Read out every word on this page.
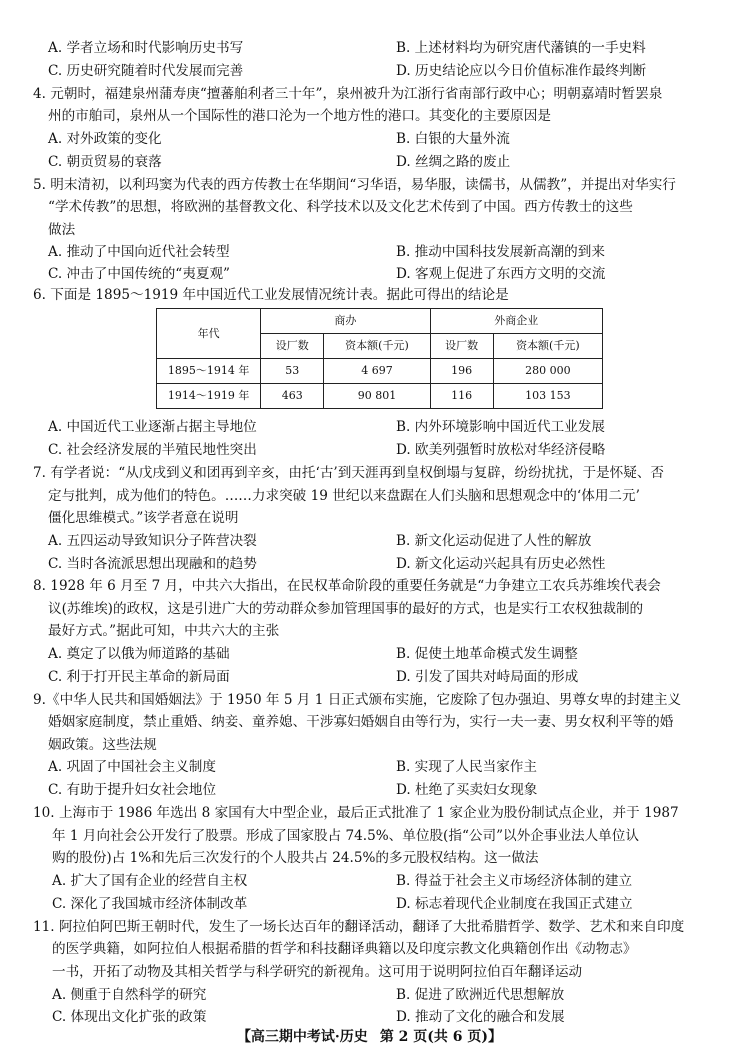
A. 学者立场和时代影响历史书写	B. 上述材料均为研究唐代藩镇的一手史料
C. 历史研究随着时代发展而完善	D. 历史结论应以今日价值标准作最终判断
4. 元朝时，福建泉州蒲寿庚“擅蕃舶利者三十年”，泉州被升为江浙行省南部行政中心；明朝嘉靖时暂罢泉
州的市舶司，泉州从一个国际性的港口沦为一个地方性的港口。其变化的主要原因是
A. 对外政策的变化	B. 白银的大量外流
C. 朝贡贸易的衰落	D. 丝绸之路的废止
5. 明末清初，以利玛窦为代表的西方传教士在华期间“习华语，易华服，读儒书，从儒教”，并提出对华实行
“学术传教”的思想，将欧洲的基督教文化、科学技术以及文化艺术传到了中国。西方传教士的这些
做法
A. 推动了中国向近代社会转型	B. 推动中国科技发展新高潮的到来
C. 冲击了中国传统的“夷夏观”	D. 客观上促进了东西方文明的交流
6. 下面是 1895～1919 年中国近代工业发展情况统计表。据此可得出的结论是
年代	商办		外商企业	
	设厂数	资本额(千元)	设厂数	资本额(千元)
1895～1914 年	53	4 697	196	280 000
1914～1919 年	463	90 801	116	103 153
A. 中国近代工业逐渐占据主导地位	B. 内外环境影响中国近代工业发展
C. 社会经济发展的半殖民地性突出	D. 欧美列强暂时放松对华经济侵略
7. 有学者说：“从戊戌到义和团再到辛亥，由托‘古’到天涯再到皇权倒塌与复辟，纷纷扰扰，于是怀疑、否
定与批判，成为他们的特色。……力求突破 19 世纪以来盘踞在人们头脑和思想观念中的‘体用二元’
僵化思维模式。”该学者意在说明
A. 五四运动导致知识分子阵营决裂	B. 新文化运动促进了人性的解放
C. 当时各流派思想出现融和的趋势	D. 新文化运动兴起具有历史必然性
8. 1928 年 6 月至 7 月，中共六大指出，在民权革命阶段的重要任务就是“力争建立工农兵苏维埃代表会
议(苏维埃)的政权，这是引进广大的劳动群众参加管理国事的最好的方式，也是实行工农权独裁制的
最好方式。”据此可知，中共六大的主张
A. 奠定了以俄为师道路的基础	B. 促使土地革命模式发生调整
C. 利于打开民主革命的新局面	D. 引发了国共对峙局面的形成
9.《中华人民共和国婚姻法》于 1950 年 5 月 1 日正式颁布实施，它废除了包办强迫、男尊女卑的封建主义
婚姻家庭制度，禁止重婚、纳妾、童养媳、干涉寡妇婚姻自由等行为，实行一夫一妻、男女权利平等的婚
姻政策。这些法规
A. 巩固了中国社会主义制度	B. 实现了人民当家作主
C. 有助于提升妇女社会地位	D. 杜绝了买卖妇女现象
10. 上海市于 1986 年选出 8 家国有大中型企业，最后正式批准了 1 家企业为股份制试点企业，并于 1987
年 1 月向社会公开发行了股票。形成了国家股占 74.5%、单位股(指“公司”以外企事业法人单位认
购的股份)占 1%和先后三次发行的个人股共占 24.5%的多元股权结构。这一做法
A. 扩大了国有企业的经营自主权	B. 得益于社会主义市场经济体制的建立
C. 深化了我国城市经济体制改革	D. 标志着现代企业制度在我国正式建立
11. 阿拉伯阿巴斯王朝时代，发生了一场长达百年的翻译活动，翻译了大批希腊哲学、数学、艺术和来自印度
的医学典籍，如阿拉伯人根据希腊的哲学和科技翻译典籍以及印度宗教文化典籍创作出《动物志》
一书，开拓了动物及其相关哲学与科学研究的新视角。这可用于说明阿拉伯百年翻译运动
A. 侧重于自然科学的研究	B. 促进了欧洲近代思想解放
C. 体现出文化扩张的政策	D. 推动了文化的融合和发展
【高三期中考试·历史 第 2 页(共 6 页)】
